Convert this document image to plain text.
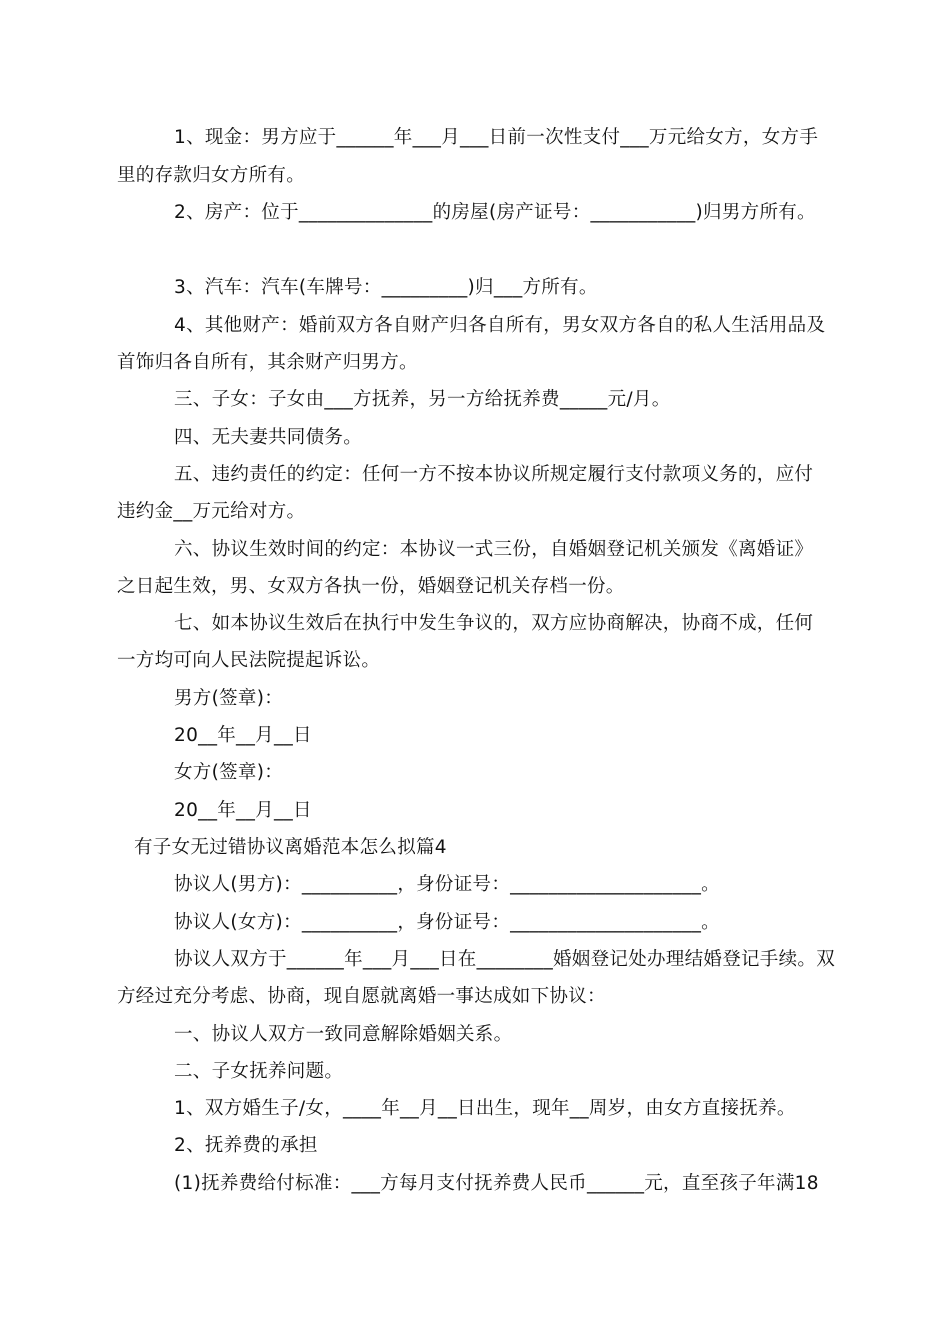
1、现金：男方应于______年___月___日前一次性支付___万元给女方，女方手
里的存款归女方所有。
2、房产：位于______________的房屋(房产证号：___________)归男方所有。
3、汽车：汽车(车牌号：_________)归___方所有。
4、其他财产：婚前双方各自财产归各自所有，男女双方各自的私人生活用品及
首饰归各自所有，其余财产归男方。
三、子女：子女由___方抚养，另一方给抚养费_____元/月。
四、无夫妻共同债务。
五、违约责任的约定：任何一方不按本协议所规定履行支付款项义务的，应付
违约金__万元给对方。
六、协议生效时间的约定：本协议一式三份，自婚姻登记机关颁发《离婚证》
之日起生效，男、女双方各执一份，婚姻登记机关存档一份。
七、如本协议生效后在执行中发生争议的，双方应协商解决，协商不成，任何
一方均可向人民法院提起诉讼。
男方(签章)：
20__年__月__日
女方(签章)：
20__年__月__日
有子女无过错协议离婚范本怎么拟篇4
协议人(男方)：__________，身份证号：____________________。
协议人(女方)：__________，身份证号：____________________。
协议人双方于______年___月___日在________婚姻登记处办理结婚登记手续。双
方经过充分考虑、协商，现自愿就离婚一事达成如下协议：
一、协议人双方一致同意解除婚姻关系。
二、子女抚养问题。
1、双方婚生子/女，____年__月__日出生，现年__周岁，由女方直接抚养。
2、抚养费的承担
(1)抚养费给付标准：___方每月支付抚养费人民币______元，直至孩子年满18
